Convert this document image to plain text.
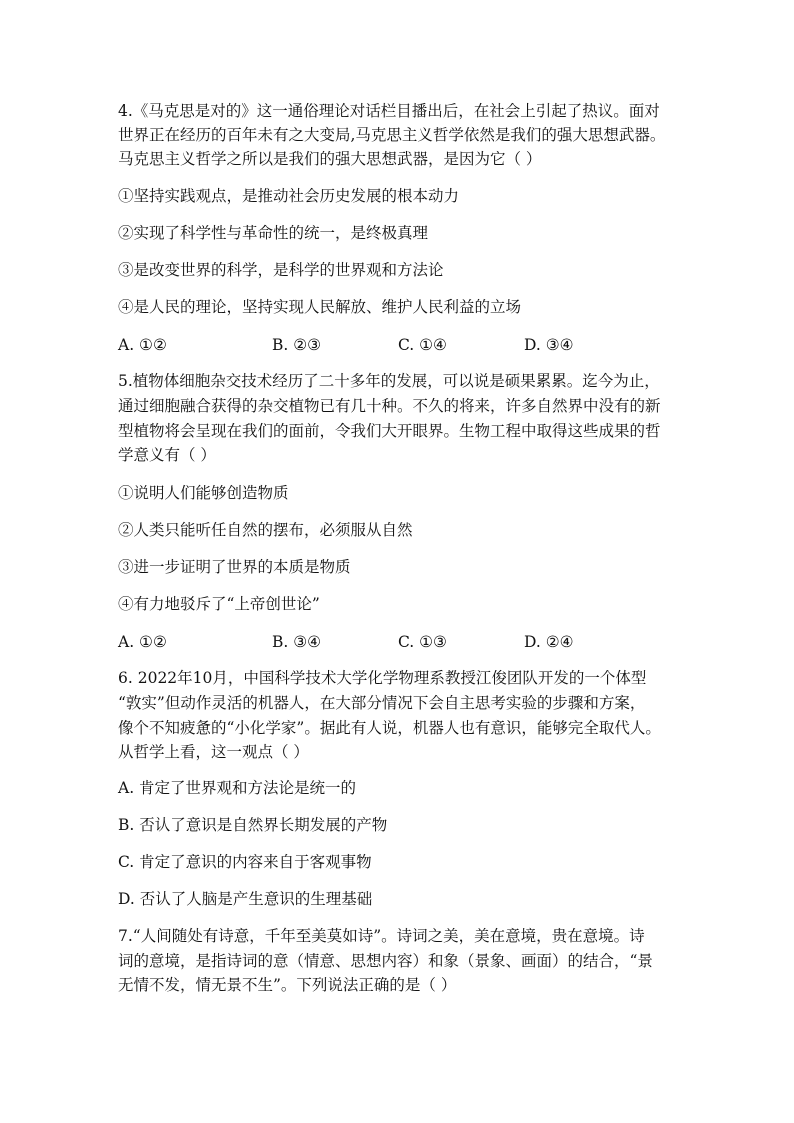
4.《马克思是对的》这一通俗理论对话栏目播出后，在社会上引起了热议。面对
世界正在经历的百年未有之大变局,马克思主义哲学依然是我们的强大思想武器。
马克思主义哲学之所以是我们的强大思想武器，是因为它（ ）
①坚持实践观点，是推动社会历史发展的根本动力
②实现了科学性与革命性的统一，是终极真理
③是改变世界的科学，是科学的世界观和方法论
④是人民的理论，坚持实现人民解放、维护人民利益的立场
A. ①②	B. ②③	C. ①④	D. ③④
5.植物体细胞杂交技术经历了二十多年的发展，可以说是硕果累累。迄今为止，
通过细胞融合获得的杂交植物已有几十种。不久的将来，许多自然界中没有的新
型植物将会呈现在我们的面前，令我们大开眼界。生物工程中取得这些成果的哲
学意义有（ ）
①说明人们能够创造物质
②人类只能听任自然的摆布，必须服从自然
③进一步证明了世界的本质是物质
④有力地驳斥了“上帝创世论”
A. ①②	B. ③④	C. ①③	D. ②④
6. 2022年10月，中国科学技术大学化学物理系教授江俊团队开发的一个体型
“敦实”但动作灵活的机器人，在大部分情况下会自主思考实验的步骤和方案，
像个不知疲惫的“小化学家”。据此有人说，机器人也有意识，能够完全取代人。
从哲学上看，这一观点（ ）
A. 肯定了世界观和方法论是统一的
B. 否认了意识是自然界长期发展的产物
C. 肯定了意识的内容来自于客观事物
D. 否认了人脑是产生意识的生理基础
7.“人间随处有诗意，千年至美莫如诗”。诗词之美，美在意境，贵在意境。诗
词的意境，是指诗词的意（情意、思想内容）和象（景象、画面）的结合，“景
无情不发，情无景不生”。下列说法正确的是（ ）
